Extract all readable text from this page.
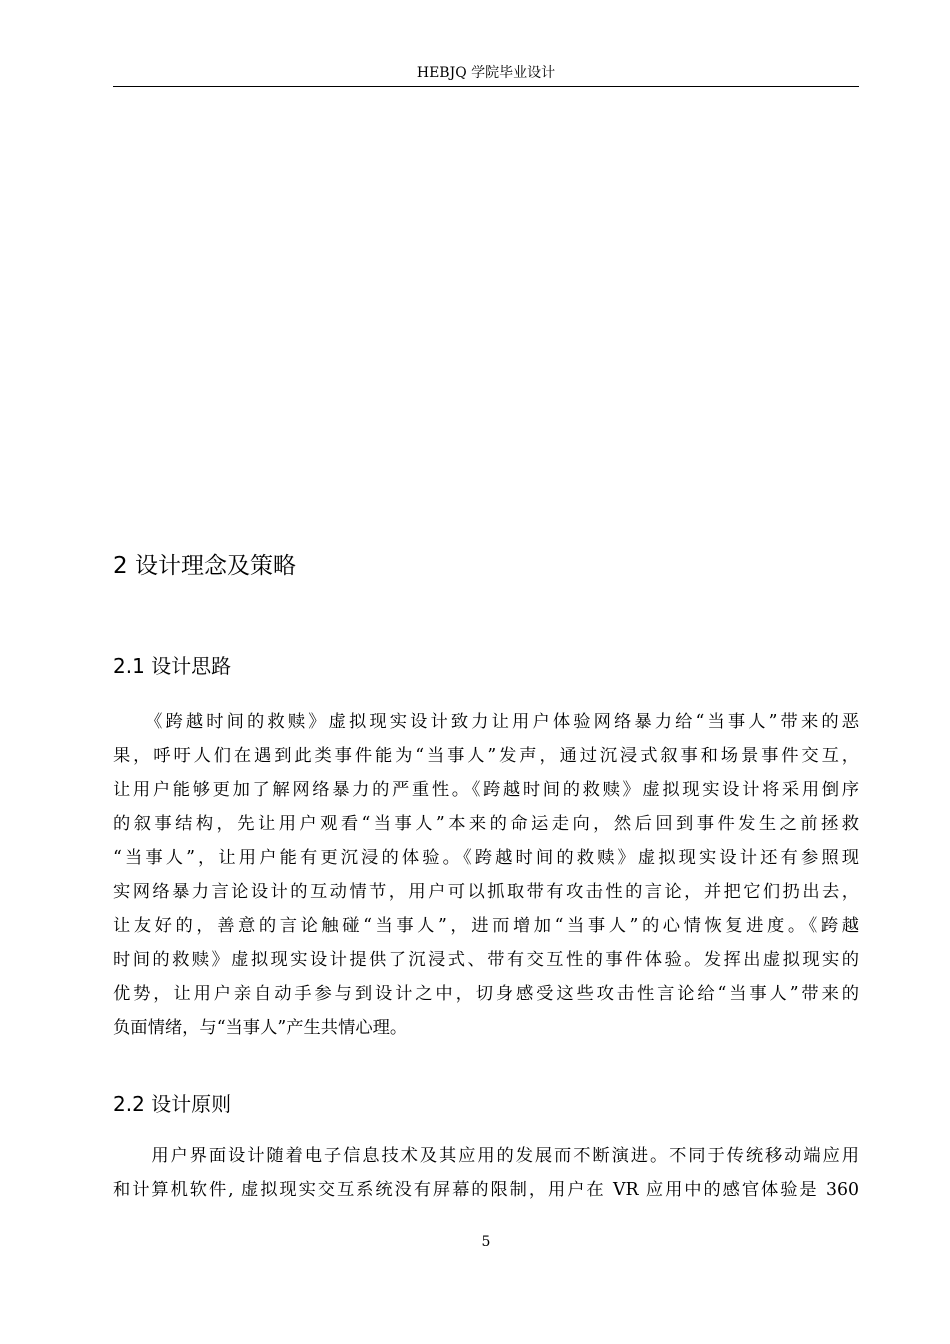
HEBJQ 学院毕业设计
2 设计理念及策略
2.1 设计思路
　　《跨越时间的救赎》虚拟现实设计致力让用户体验网络暴力给“当事人”带来的恶
果，呼吁人们在遇到此类事件能为“当事人”发声，通过沉浸式叙事和场景事件交互，
让用户能够更加了解网络暴力的严重性。《跨越时间的救赎》虚拟现实设计将采用倒序
的叙事结构，先让用户观看“当事人”本来的命运走向，然后回到事件发生之前拯救
“当事人”，让用户能有更沉浸的体验。《跨越时间的救赎》虚拟现实设计还有参照现
实网络暴力言论设计的互动情节，用户可以抓取带有攻击性的言论，并把它们扔出去，
让友好的，善意的言论触碰“当事人”，进而增加“当事人”的心情恢复进度。《跨越
时间的救赎》虚拟现实设计提供了沉浸式、带有交互性的事件体验。发挥出虚拟现实的
优势，让用户亲自动手参与到设计之中，切身感受这些攻击性言论给“当事人”带来的
负面情绪，与“当事人”产生共情心理。
2.2 设计原则
　　用户界面设计随着电子信息技术及其应用的发展而不断演进。不同于传统移动端应用
和计算机软件, 虚拟现实交互系统没有屏幕的限制，用户在 VR 应用中的感官体验是 360
5
